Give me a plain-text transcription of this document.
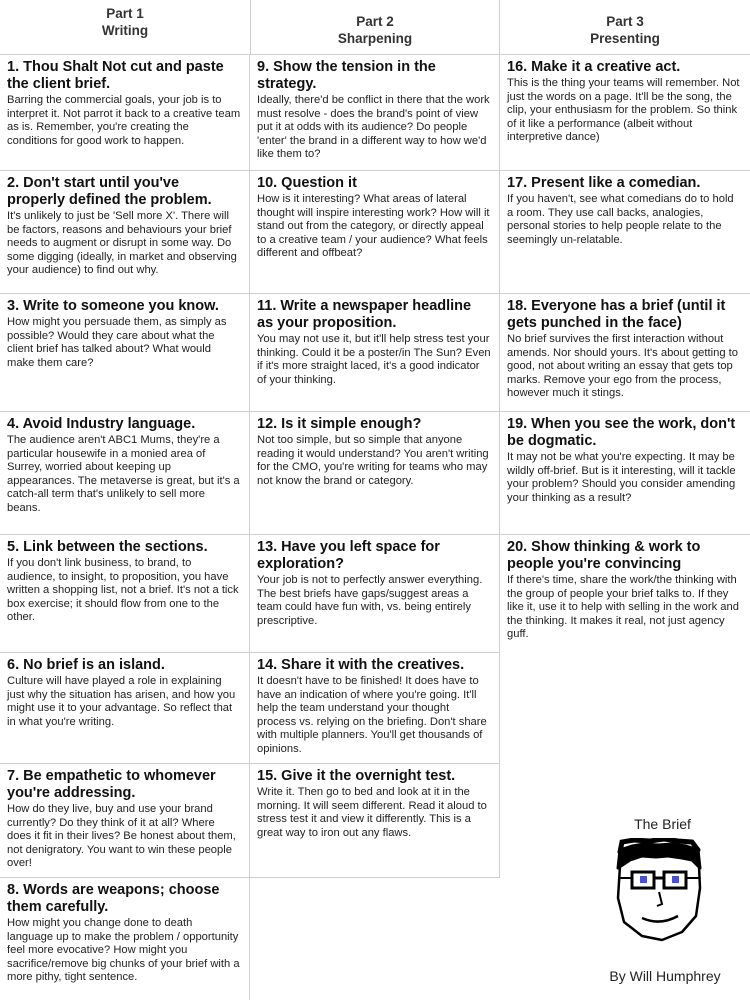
Part 1
Writing
Part 2
Sharpening
Part 3
Presenting
1. Thou Shalt Not cut and paste the client brief.

Barring the commercial goals, your job is to interpret it. Not parrot it back to a creative team as is. Remember, you're creating the conditions for good work to happen.

2. Don't start until you've properly defined the problem.

It's unlikely to just be 'Sell more X'. There will be factors, reasons and behaviours your brief needs to augment or disrupt in some way. Do some digging (ideally, in market and observing your audience) to find out why.

3. Write to someone you know.

How might you persuade them, as simply as possible? Would they care about what the client brief has talked about? What would make them care?

4. Avoid Industry language.

The audience aren't ABC1 Mums, they're a particular housewife in a monied area of Surrey, worried about keeping up appearances. The metaverse is great, but it's a catch-all term that's unlikely to sell more beans.

5. Link between the sections.

If you don't link business, to brand, to audience, to insight, to proposition, you have written a shopping list, not a brief. It's not a tick box exercise; it should flow from one to the other.

6. No brief is an island.

Culture will have played a role in explaining just why the situation has arisen, and how you might use it to your advantage. So reflect that in what you're writing.

7. Be empathetic to whomever you're addressing.

How do they live, buy and use your brand currently? Do they think of it at all? Where does it fit in their lives? Be honest about them, not denigratory. You want to win these people over!

8. Words are weapons; choose them carefully.

How might you change done to death language up to make the problem / opportunity feel more evocative? How might you sacrifice/remove big chunks of your brief with a more pithy, tight sentence.

9. Show the tension in the strategy.

Ideally, there'd be conflict in there that the work must resolve - does the brand's point of view put it at odds with its audience? Do people 'enter' the brand in a different way to how we'd like them to?

10. Question it

How is it interesting? What areas of lateral thought will inspire interesting work? How will it stand out from the category, or directly appeal to a creative team / your audience? What feels different and offbeat?

11. Write a newspaper headline as your proposition.

You may not use it, but it'll help stress test your thinking. Could it be a poster/in The Sun? Even if it's more straight laced, it's a good indicator of your thinking.

12. Is it simple enough?

Not too simple, but so simple that anyone reading it would understand? You aren't writing for the CMO, you're writing for teams who may not know the brand or category.

13. Have you left space for exploration?

Your job is not to perfectly answer everything. The best briefs have gaps/suggest areas a team could have fun with, vs. being entirely prescriptive.

14. Share it with the creatives.

It doesn't have to be finished! It does have to have an indication of where you're going. It'll help the team understand your thought process vs. relying on the briefing. Don't share with multiple planners. You'll get thousands of opinions.

15. Give it the overnight test.

Write it. Then go to bed and look at it in the morning. It will seem different. Read it aloud to stress test it and view it differently. This is a great way to iron out any flaws.

16. Make it a creative act.

This is the thing your teams will remember. Not just the words on a page. It'll be the song, the clip, your enthusiasm for the problem. So think of it like a performance (albeit without interpretive dance)

17. Present like a comedian.

If you haven't, see what comedians do to hold a room. They use call backs, analogies, personal stories to help people relate to the seemingly un-relatable.

18. Everyone has a brief (until it gets punched in the face)

No brief survives the first interaction without amends. Nor should yours. It's about getting to good, not about writing an essay that gets top marks. Remove your ego from the process, however much it stings.

19. When you see the work, don't be dogmatic.

It may not be what you're expecting. It may be wildly off-brief. But is it interesting, will it tackle your problem? Should you consider amending your thinking as a result?

20. Show thinking & work to people you're convincing

If there's time, share the work/the thinking with the group of people your brief talks to. If they like it, use it to help with selling in the work and the thinking. It makes it real, not just agency guff.

The Brief
By Will Humphrey
